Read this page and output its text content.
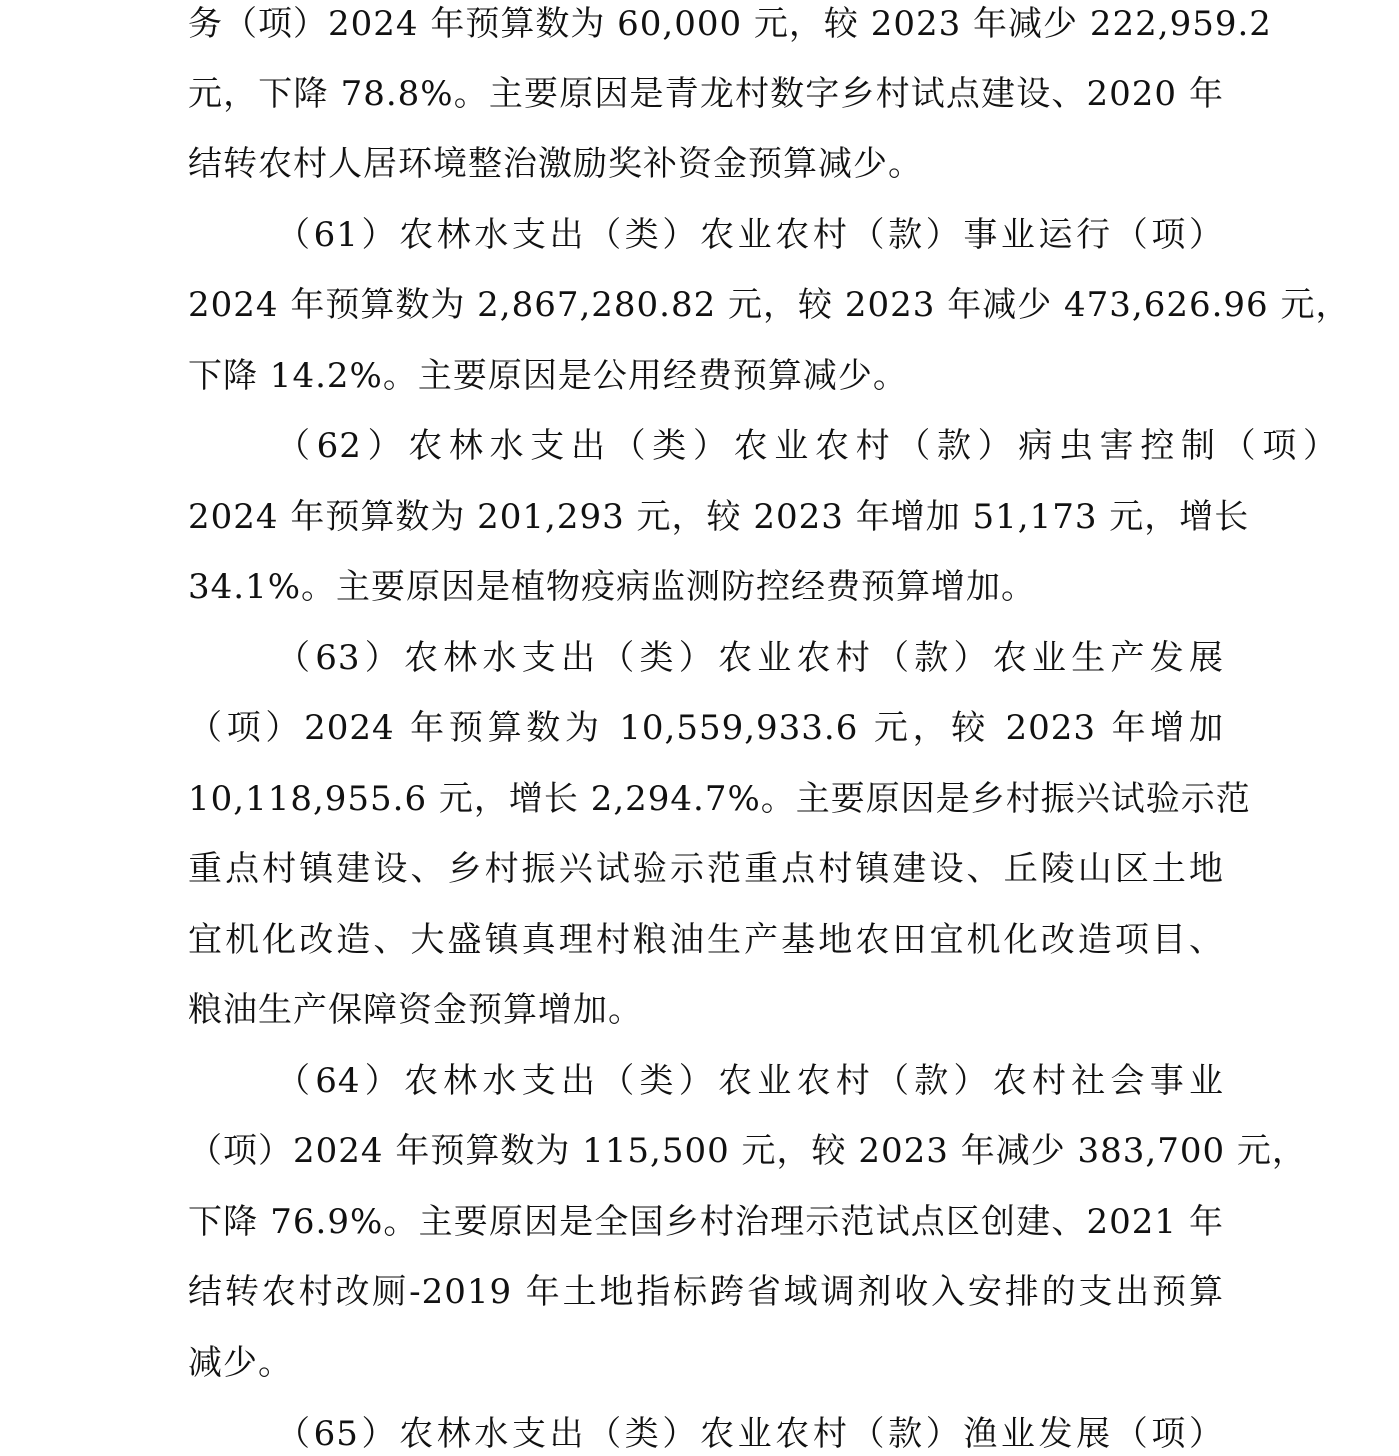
务（项）2024 年预算数为 60,000 元，较 2023 年减少 222,959.2
元，下降 78.8%。主要原因是青龙村数字乡村试点建设、2020 年
结转农村人居环境整治激励奖补资金预算减少。
（61）农林水支出（类）农业农村（款）事业运行（项）
2024 年预算数为 2,867,280.82 元，较 2023 年减少 473,626.96 元，
下降 14.2%。主要原因是公用经费预算减少。
（62）农林水支出（类）农业农村（款）病虫害控制（项）
2024 年预算数为 201,293 元，较 2023 年增加 51,173 元，增长
34.1%。主要原因是植物疫病监测防控经费预算增加。
（63）农林水支出（类）农业农村（款）农业生产发展
（项）2024 年预算数为 10,559,933.6 元，较 2023 年增加
10,118,955.6 元，增长 2,294.7%。主要原因是乡村振兴试验示范
重点村镇建设、乡村振兴试验示范重点村镇建设、丘陵山区土地
宜机化改造、大盛镇真理村粮油生产基地农田宜机化改造项目、
粮油生产保障资金预算增加。
（64）农林水支出（类）农业农村（款）农村社会事业
（项）2024 年预算数为 115,500 元，较 2023 年减少 383,700 元，
下降 76.9%。主要原因是全国乡村治理示范试点区创建、2021 年
结转农村改厕-2019 年土地指标跨省域调剂收入安排的支出预算
减少。
（65）农林水支出（类）农业农村（款）渔业发展（项）
